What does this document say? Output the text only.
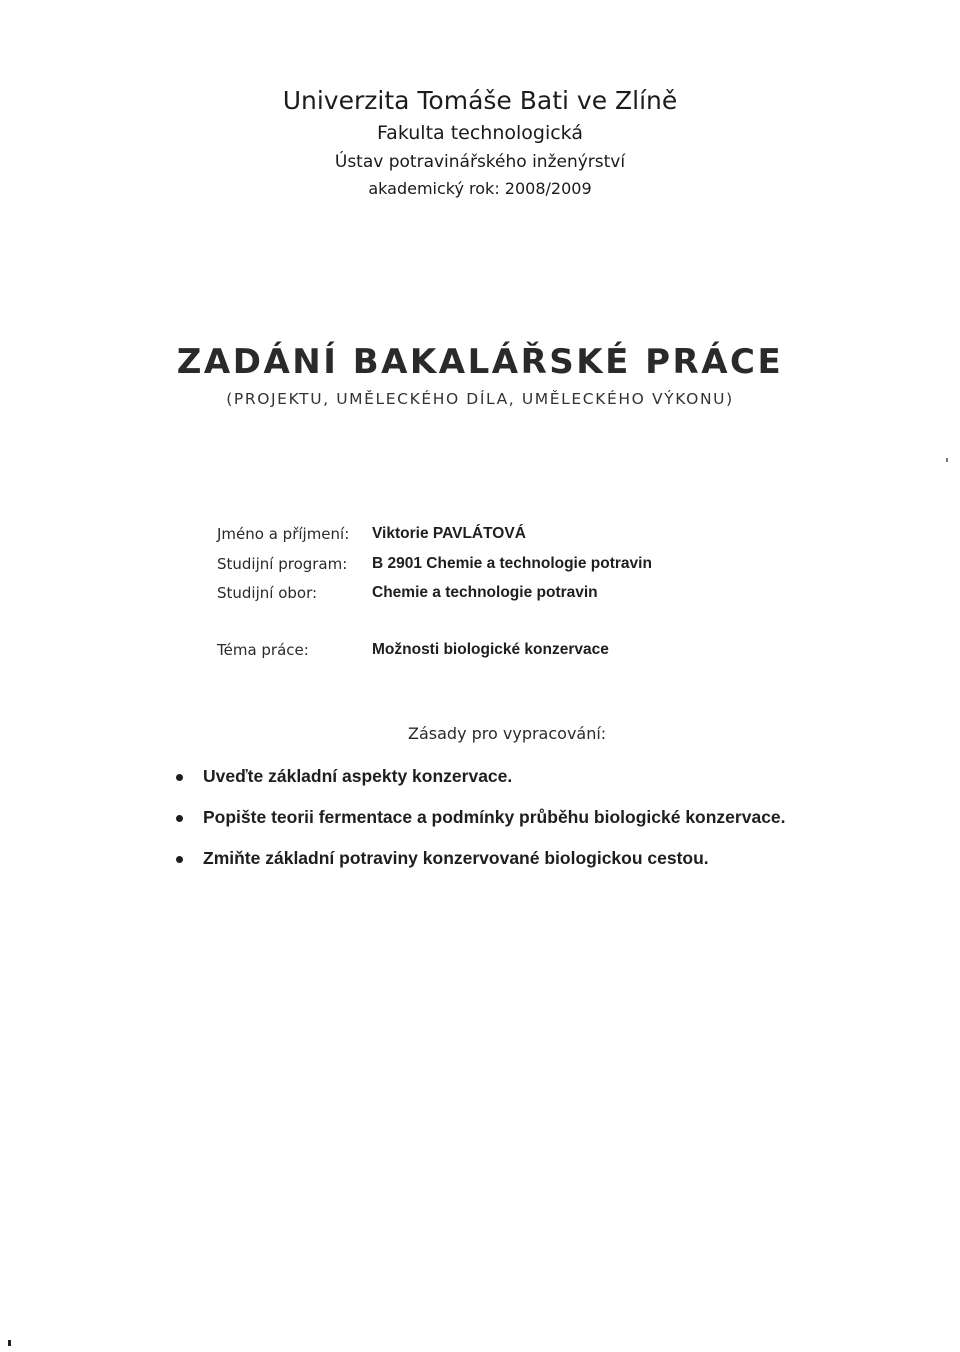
Univerzita Tomáše Bati ve Zlíně
Fakulta technologická
Ústav potravinářského inženýrství
akademický rok: 2008/2009
ZADÁNÍ BAKALÁŘSKÉ PRÁCE
(PROJEKTU, UMĚLECKÉHO DÍLA, UMĚLECKÉHO VÝKONU)
Jméno a příjmení: Viktorie PAVLÁTOVÁ
Studijní program: B 2901 Chemie a technologie potravin
Studijní obor:	Chemie a technologie potravin
Téma práce:	Možnosti biologické konzervace
Zásady pro vypracování:
Uveďte základní aspekty konzervace.
Popište teorii fermentace a podmínky průběhu biologické konzervace.
Zmiňte základní potraviny konzervované biologickou cestou.
